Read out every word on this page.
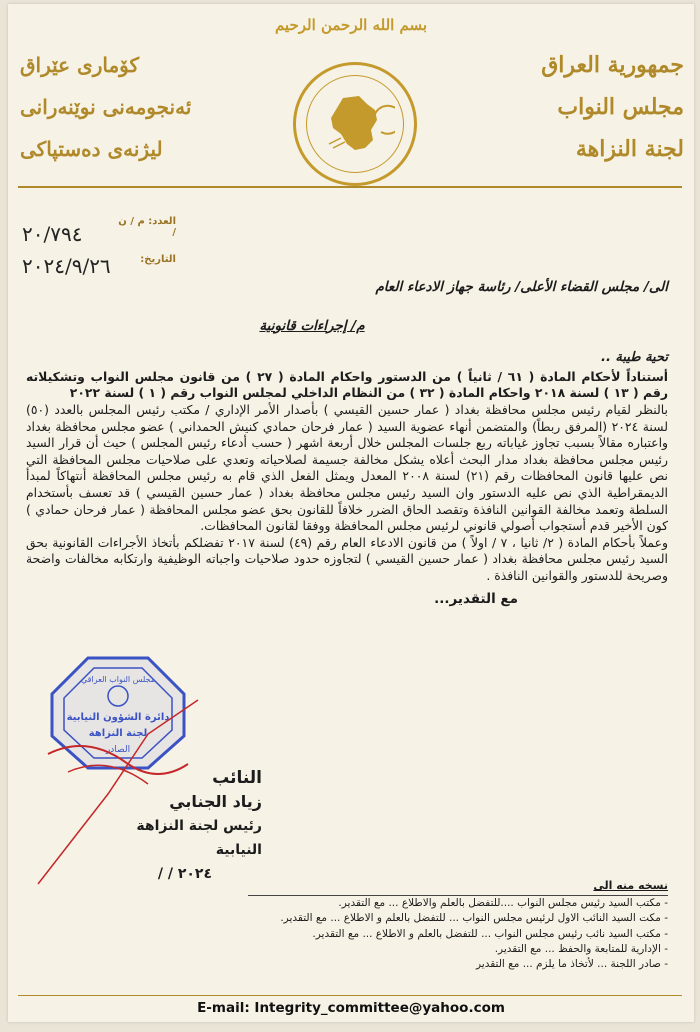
بسم الله الرحمن الرحيم
جمهورية العراق
مجلس النواب
لجنة النزاهة
كۆماری عێراق
ئەنجومەنی نوێنەرانی
لیژنەی دەستپاکی
العدد: م / ن /
٢٠/٧٩٤
التاريخ:
٢٠٢٤/٩/٢٦
الى/ مجلس القضاء الأعلى/ رئاسة جهاز الادعاء العام
م/ إجراءات قانونية
تحية طيبة ..
أستناداً لأحكام المادة ( ٦١ / ثانياً ) من الدستور واحكام المادة ( ٢٧ ) من قانون مجلس النواب وتشكيلاته رقم ( ١٣ ) لسنة ٢٠١٨ واحكام المادة ( ٣٢ ) من النظام الداخلي لمجلس النواب رقم ( ١ ) لسنة ٢٠٢٢
بالنظر لقيام رئيس مجلس محافظة بغداد ( عمار حسين القيسي ) بأصدار الأمر الإداري / مكتب رئيس المجلس بالعدد (٥٠) لسنة ٢٠٢٤ (المرفق ربطاً) والمتضمن أنهاء عضوية السيد ( عمار فرحان حمادي كنيش الحمداني ) عضو مجلس محافظة بغداد واعتباره مقالاً بسبب تجاوز غياباته ربع جلسات المجلس خلال أربعة اشهر ( حسب أدعاء رئيس المجلس ) حيث أن قرار السيد رئيس مجلس محافظة بغداد مدار البحث أعلاه يشكل مخالفة جسيمة لصلاحياته وتعدي على صلاحيات مجلس المحافظة التي نص عليها قانون المحافظات رقم (٢١) لسنة ٢٠٠٨ المعدل ويمثل الفعل الذي قام به رئيس مجلس المحافظة أنتهاكاً لمبدأ الديمقراطية الذي نص عليه الدستور وان السيد رئيس مجلس محافظة بغداد ( عمار حسين القيسي ) قد تعسف بأستخدام السلطة وتعمد مخالفة القوانين النافذة وتقصد الحاق الضرر خلافاً للقانون بحق عضو مجلس المحافظة ( عمار فرحان حمادي ) كون الأخير قدم أستجواب أصولي قانوني لرئيس مجلس المحافظة ووفقا لقانون المحافظات.
وعملاً بأحكام المادة ( ٢/ ثانيا ، ٧ / اولاً ) من قانون الادعاء العام رقم (٤٩) لسنة ٢٠١٧ تفضلكم بأتخاذ الأجراءات القانونية بحق السيد رئيس مجلس محافظة بغداد ( عمار حسين القيسي ) لتجاوزه حدود صلاحيات واجباته الوظيفية وارتكابه مخالفات واضحة وصريحة للدستور والقوانين النافذة .
مع التقدير...
مجلس النواب العراقي
دائرة الشؤون النيابية
لجنة النزاهة
الصادر
النائب
زياد الجنابي
رئيس لجنة النزاهة النيابية
٢٠٢٤ / /
نسخه منه الى
- مكتب السيد رئيس مجلس النواب ....للتفضل بالعلم والاطلاع ... مع التقدير.
- مكت السيد النائب الاول لرئيس مجلس النواب ... للتفضل بالعلم و الاطلاع ... مع التقدير.
- مكتب السيد نائب رئيس مجلس النواب ... للتفضل بالعلم و الاطلاع ... مع التقدير.
- الإدارية للمتابعة والحفظ ... مع التقدير.
- صادر اللجنة ... لأتخاذ ما يلزم ... مع التقدير
E-mail: Integrity_committee@yahoo.com
